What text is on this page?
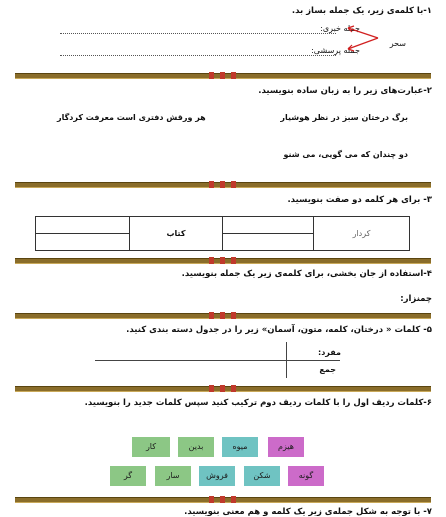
۱-با کلمه‌ی زیر، یک جمله بساز بد.
جمله خبری:
جمله پرسشی:
سحر
۲-عبارت‌های زیر را به زبان ساده بنویسید.
برگ درختان سبز در نظر هوشیار
هر ورقش دفتری است معرفت کردگار
دو چندان که می گویی، می شنو
۳- برای هر کلمه دو صفت بنویسید.
کردار		کتاب	

۴-استفاده از جان بخشی، برای کلمه‌ی زیر یک جمله بنویسید.
چمنزار:
۵- کلمات « درختان، کلمه، متون، آسمان» زیر را در جدول دسته بندی کنید.
مفرد:
جمع
۶-کلمات ردیف اول را با کلمات ردیف دوم ترکیب کنید سپس کلمات جدید را بنویسید.
هیزم
میوه
بدین
کار
گونه
شکن
فروش
سار
گر
۷- با توجه به شکل جمله‌ی زیر یک کلمه و هم معنی بنویسید.
